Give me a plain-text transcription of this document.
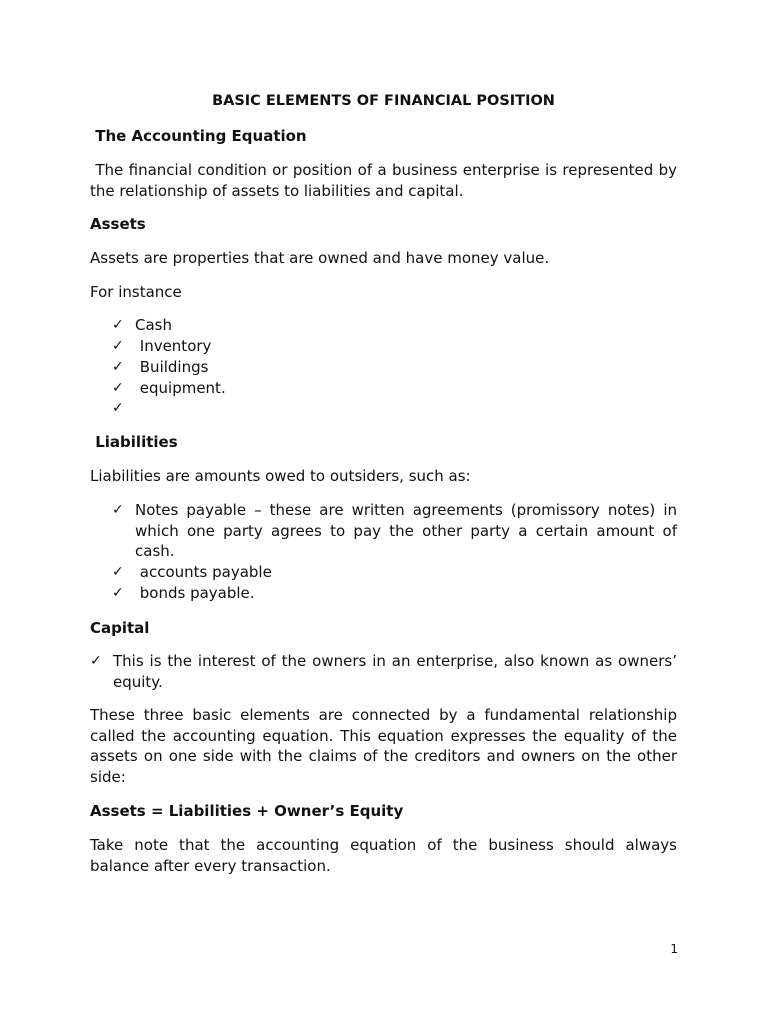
BASIC ELEMENTS OF FINANCIAL POSITION
The Accounting Equation
The financial condition or position of a business enterprise is represented by the relationship of assets to liabilities and capital.
Assets
Assets are properties that are owned and have money value.
For instance
✓ Cash
✓ Inventory
✓ Buildings
✓ equipment.
✓
Liabilities
Liabilities are amounts owed to outsiders, such as:
✓ Notes payable – these are written agreements (promissory notes) in which one party agrees to pay the other party a certain amount of cash.
✓ accounts payable
✓ bonds payable.
Capital
✓ This is the interest of the owners in an enterprise, also known as owners’ equity.
These three basic elements are connected by a fundamental relationship called the accounting equation. This equation expresses the equality of the assets on one side with the claims of the creditors and owners on the other side:
Assets = Liabilities + Owner’s Equity
Take note that the accounting equation of the business should always balance after every transaction.
1
